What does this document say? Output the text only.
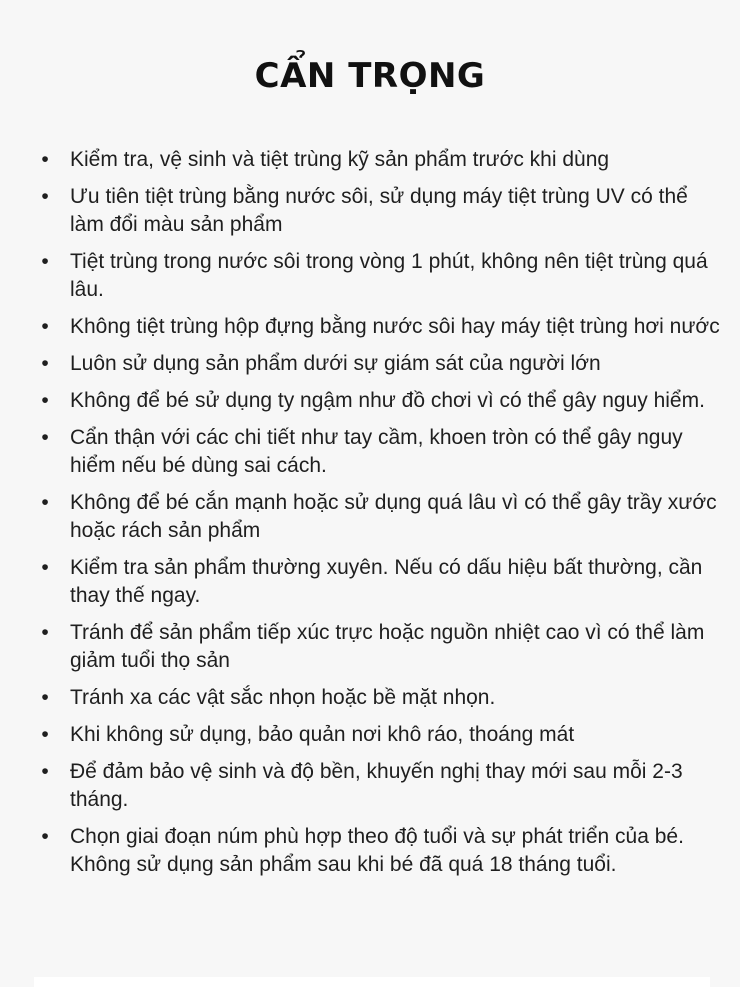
CẨN TRỌNG
• Kiểm tra, vệ sinh và tiệt trùng kỹ sản phẩm trước khi dùng
• Ưu tiên tiệt trùng bằng nước sôi, sử dụng máy tiệt trùng UV có thể làm đổi màu sản phẩm
• Tiệt trùng trong nước sôi trong vòng 1 phút, không nên tiệt trùng quá lâu.
• Không tiệt trùng hộp đựng bằng nước sôi hay máy tiệt trùng hơi nước
• Luôn sử dụng sản phẩm dưới sự giám sát của người lớn
• Không để bé sử dụng ty ngậm như đồ chơi vì có thể gây nguy hiểm.
• Cẩn thận với các chi tiết như tay cầm, khoen tròn có thể gây nguy hiểm nếu bé dùng sai cách.
• Không để bé cắn mạnh hoặc sử dụng quá lâu vì có thể gây trầy xước hoặc rách sản phẩm
• Kiểm tra sản phẩm thường xuyên. Nếu có dấu hiệu bất thường, cần thay thế ngay.
• Tránh để sản phẩm tiếp xúc trực hoặc nguồn nhiệt cao vì có thể làm giảm tuổi thọ sản
• Tránh xa các vật sắc nhọn hoặc bề mặt nhọn.
• Khi không sử dụng, bảo quản nơi khô ráo, thoáng mát
• Để đảm bảo vệ sinh và độ bền, khuyến nghị thay mới sau mỗi 2-3 tháng.
• Chọn giai đoạn núm phù hợp theo độ tuổi và sự phát triển của bé. Không sử dụng sản phẩm sau khi bé đã quá 18 tháng tuổi.
